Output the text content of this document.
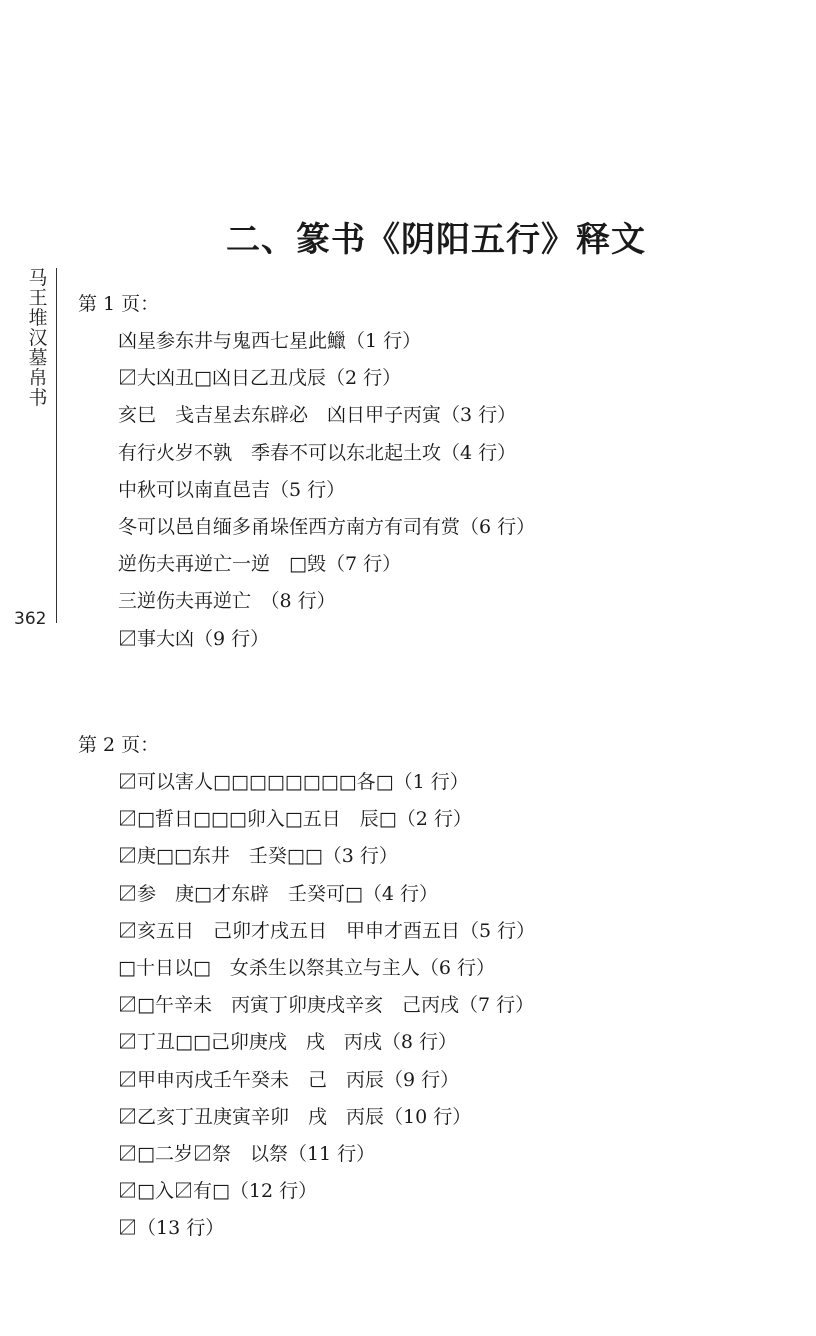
二、篆书《阴阳五行》释文
马王堆汉墓帛书
362
第 1 页：
凶星参东井与鬼西七星此鱲（1 行）
〼大凶丑□凶日乙丑戊辰（2 行）
亥巳　戋吉星去东辟必　凶日甲子丙寅（3 行）
有行火岁不孰　季春不可以东北起土攻（4 行）
中秋可以南直邑吉（5 行）
冬可以邑自缅多甬垛侄西方南方有司有赏（6 行）
逆伤夫再逆亡一逆　□毁（7 行）
三逆伤夫再逆亡　（8 行）
〼事大凶（9 行）
第 2 页：
〼可以害人□□□□□□□□各□（1 行）
〼□晢日□□□卯入□五日　辰□（2 行）
〼庚□□东井　壬癸□□（3 行）
〼参　庚□才东辟　壬癸可□（4 行）
〼亥五日　己卯才戌五日　甲申才酉五日（5 行）
□十日以□　女杀生以祭其立与主人（6 行）
〼□午辛未　丙寅丁卯庚戌辛亥　己丙戌（7 行）
〼丁丑□□己卯庚戌　戌　丙戌（8 行）
〼甲申丙戌壬午癸未　己　丙辰（9 行）
〼乙亥丁丑庚寅辛卯　戌　丙辰（10 行）
〼□二岁〼祭　以祭（11 行）
〼□入〼有□（12 行）
〼（13 行）
